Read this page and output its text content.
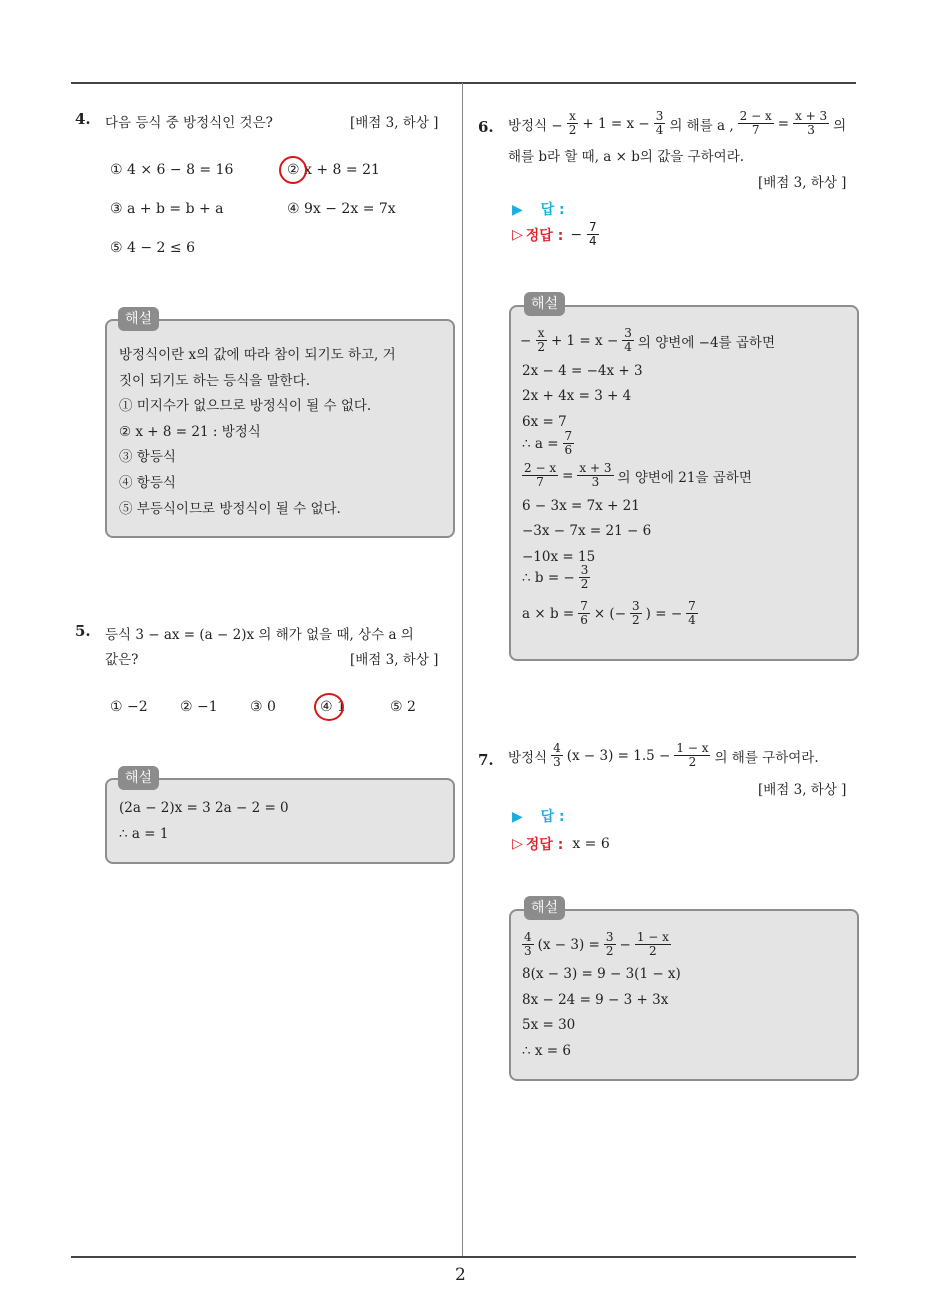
2
4. 다음 등식 중 방정식인 것은?	[배점 3, 하상 ]
① 4 × 6 − 8 = 16	② x + 8 = 21
③ a + b = b + a	④ 9x − 2x = 7x
⑤ 4 − 2 ≤ 6
해설
방정식이란 x의 값에 따라 참이 되기도 하고, 거
짓이 되기도 하는 등식을 말한다.
① 미지수가 없으므로 방정식이 될 수 없다.
② x + 8 = 21 : 방정식
③ 항등식
④ 항등식
⑤ 부등식이므로 방정식이 될 수 없다.
5. 등식 3 − ax = (a − 2)x 의 해가 없을 때, 상수 a 의
값은?	[배점 3, 하상 ]
① −2 ② −1 ③ 0	④ 1	⑤ 2
해설
(2a − 2)x = 3 2a − 2 = 0
∴ a = 1
6. 방정식 − $\frac{x}{2} + 1 = x - \frac{3}{4}$ 의 해를 a , $\frac{2 - x}{7} = \frac{x + 3}{3}$ 의
해를 b라 할 때, a × b의 값을 구하여라.
[배점 3, 하상 ]
▶ 답 :
▷ 정답 : − $\frac{7}{4}$
해설
− $\frac{x}{2} + 1 = x - \frac{3}{4}$ 의 양변에 −4를 곱하면
2x − 4 = −4x + 3
2x + 4x = 3 + 4
6x = 7
∴ $a = \frac{7}{6}$
$\frac{2 - x}{7} = \frac{x + 3}{3}$ 의 양변에 21을 곱하면
6 − 3x = 7x + 21
−3x − 7x = 21 − 6
−10x = 15
∴ b = − $\frac{3}{2}$
$a \times b = \frac{7}{6}$ × (− $\frac{3}{2}$ ) = − $\frac{7}{4}$
7. 방정식 $\frac{4}{3} (x - 3) = 1.5 - \frac{1 - x}{2}$ 의 해를 구하여라.
[배점 3, 하상 ]
▶ 답 :
▷ 정답 : x = 6
해설
$\frac{4}{3} (x - 3) = \frac{3}{2} - \frac{1 - x}{2}$
8(x − 3) = 9 − 3(1 − x)
8x − 24 = 9 − 3 + 3x
5x = 30
∴ x = 6
